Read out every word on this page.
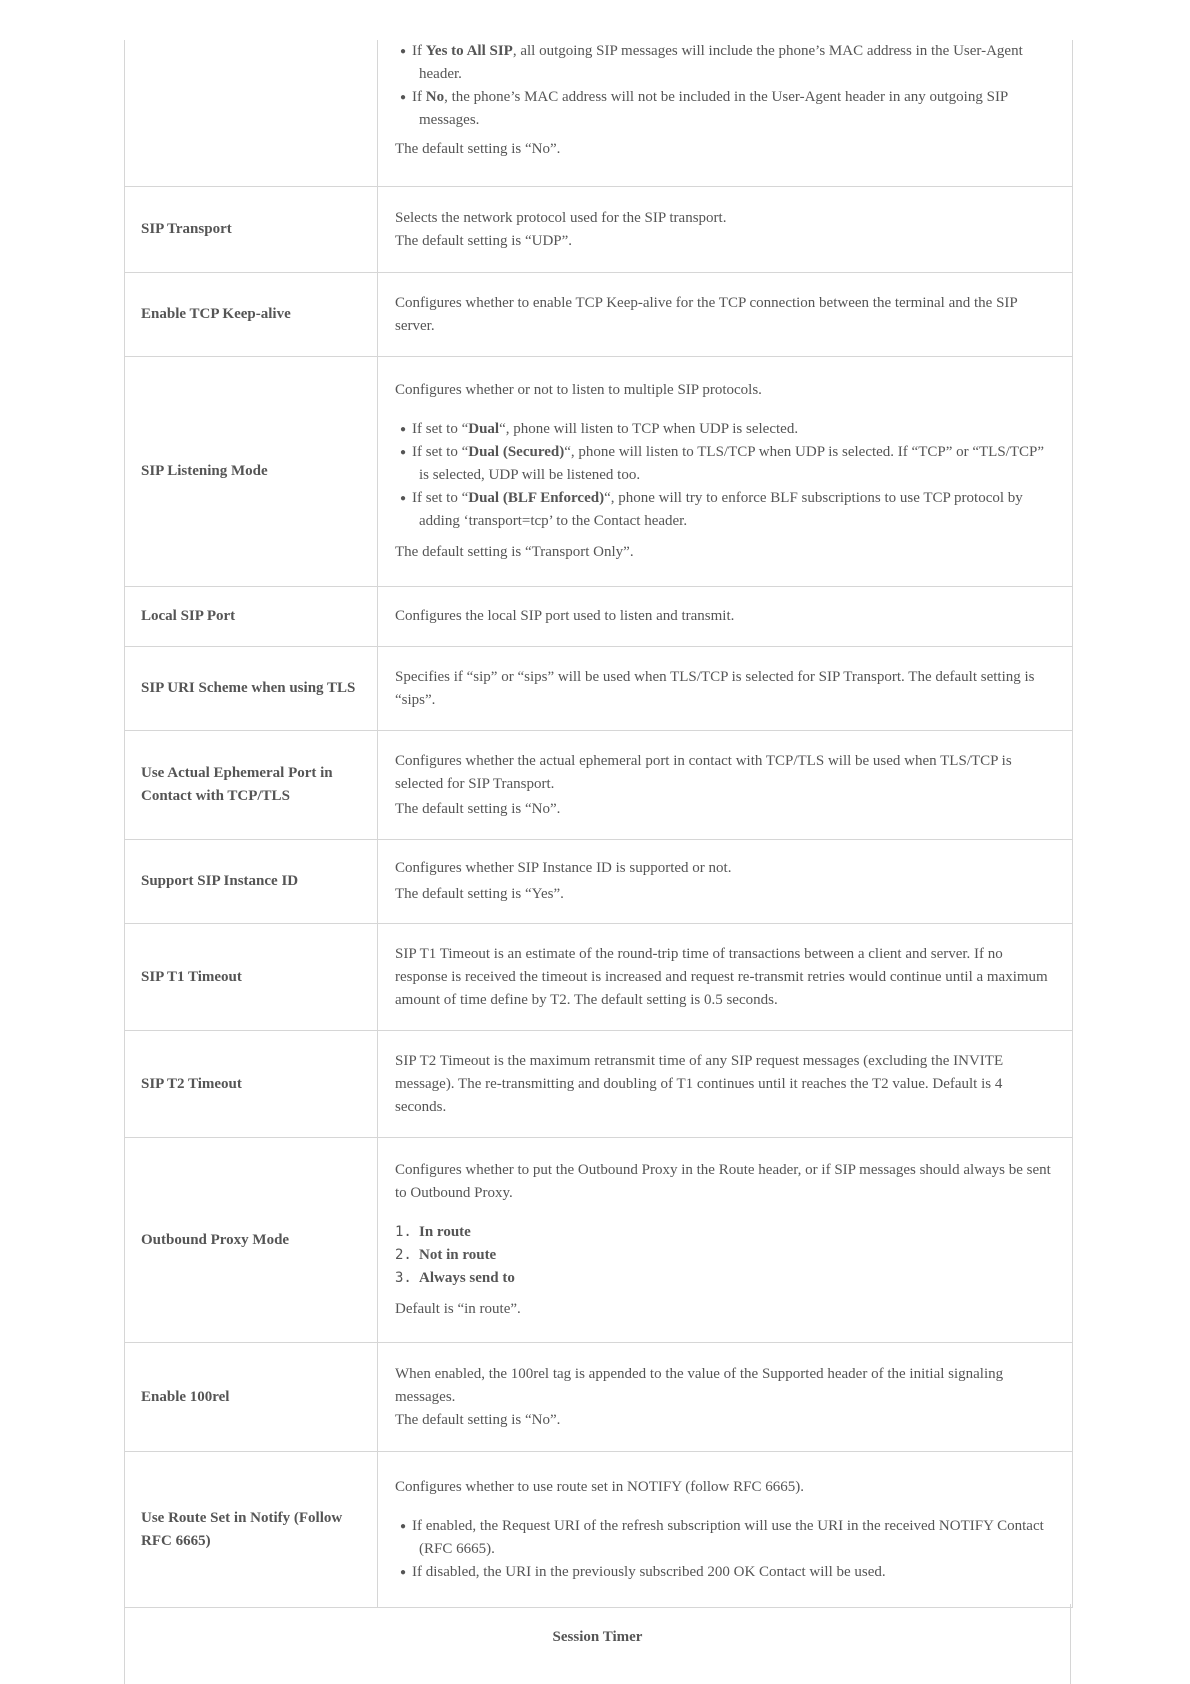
● If Yes to All SIP, all outgoing SIP messages will include the phone’s MAC address in the User-Agent header.
● If No, the phone’s MAC address will not be included in the User-Agent header in any outgoing SIP messages.

The default setting is “No”.

SIP Transport

Selects the network protocol used for the SIP transport.

The default setting is “UDP”.

Enable TCP Keep-alive

Configures whether to enable TCP Keep-alive for the TCP connection between the terminal and the SIP server.

SIP Listening Mode

Configures whether or not to listen to multiple SIP protocols.

● If set to “Dual“, phone will listen to TCP when UDP is selected.
● If set to “Dual (Secured)“, phone will listen to TLS/TCP when UDP is selected. If “TCP” or “TLS/TCP” is selected, UDP will be listened too.
● If set to “Dual (BLF Enforced)“, phone will try to enforce BLF subscriptions to use TCP protocol by adding ‘transport=tcp’ to the Contact header.

The default setting is “Transport Only”.

Local SIP Port	Configures the local SIP port used to listen and transmit.

SIP URI Scheme when using TLS

Specifies if “sip” or “sips” will be used when TLS/TCP is selected for SIP Transport. The default setting is “sips”.

Use Actual Ephemeral Port in Contact with TCP/TLS

Configures whether the actual ephemeral port in contact with TCP/TLS will be used when TLS/TCP is selected for SIP Transport.

The default setting is “No”.

Support SIP Instance ID

Configures whether SIP Instance ID is supported or not.

The default setting is “Yes”.

SIP T1 Timeout

SIP T1 Timeout is an estimate of the round-trip time of transactions between a client and server. If no response is received the timeout is increased and request re-transmit retries would continue until a maximum amount of time define by T2. The default setting is 0.5 seconds.

SIP T2 Timeout

SIP T2 Timeout is the maximum retransmit time of any SIP request messages (excluding the INVITE message). The re-transmitting and doubling of T1 continues until it reaches the T2 value. Default is 4 seconds.

Outbound Proxy Mode

Configures whether to put the Outbound Proxy in the Route header, or if SIP messages should always be sent to Outbound Proxy.

1. In route
2. Not in route
3. Always send to

Default is “in route”.

Enable 100rel

When enabled, the 100rel tag is appended to the value of the Supported header of the initial signaling messages.

The default setting is “No”.

Use Route Set in Notify (Follow RFC 6665)

Configures whether to use route set in NOTIFY (follow RFC 6665).

● If enabled, the Request URI of the refresh subscription will use the URI in the received NOTIFY Contact (RFC 6665).
● If disabled, the URI in the previously subscribed 200 OK Contact will be used.
Session Timer
